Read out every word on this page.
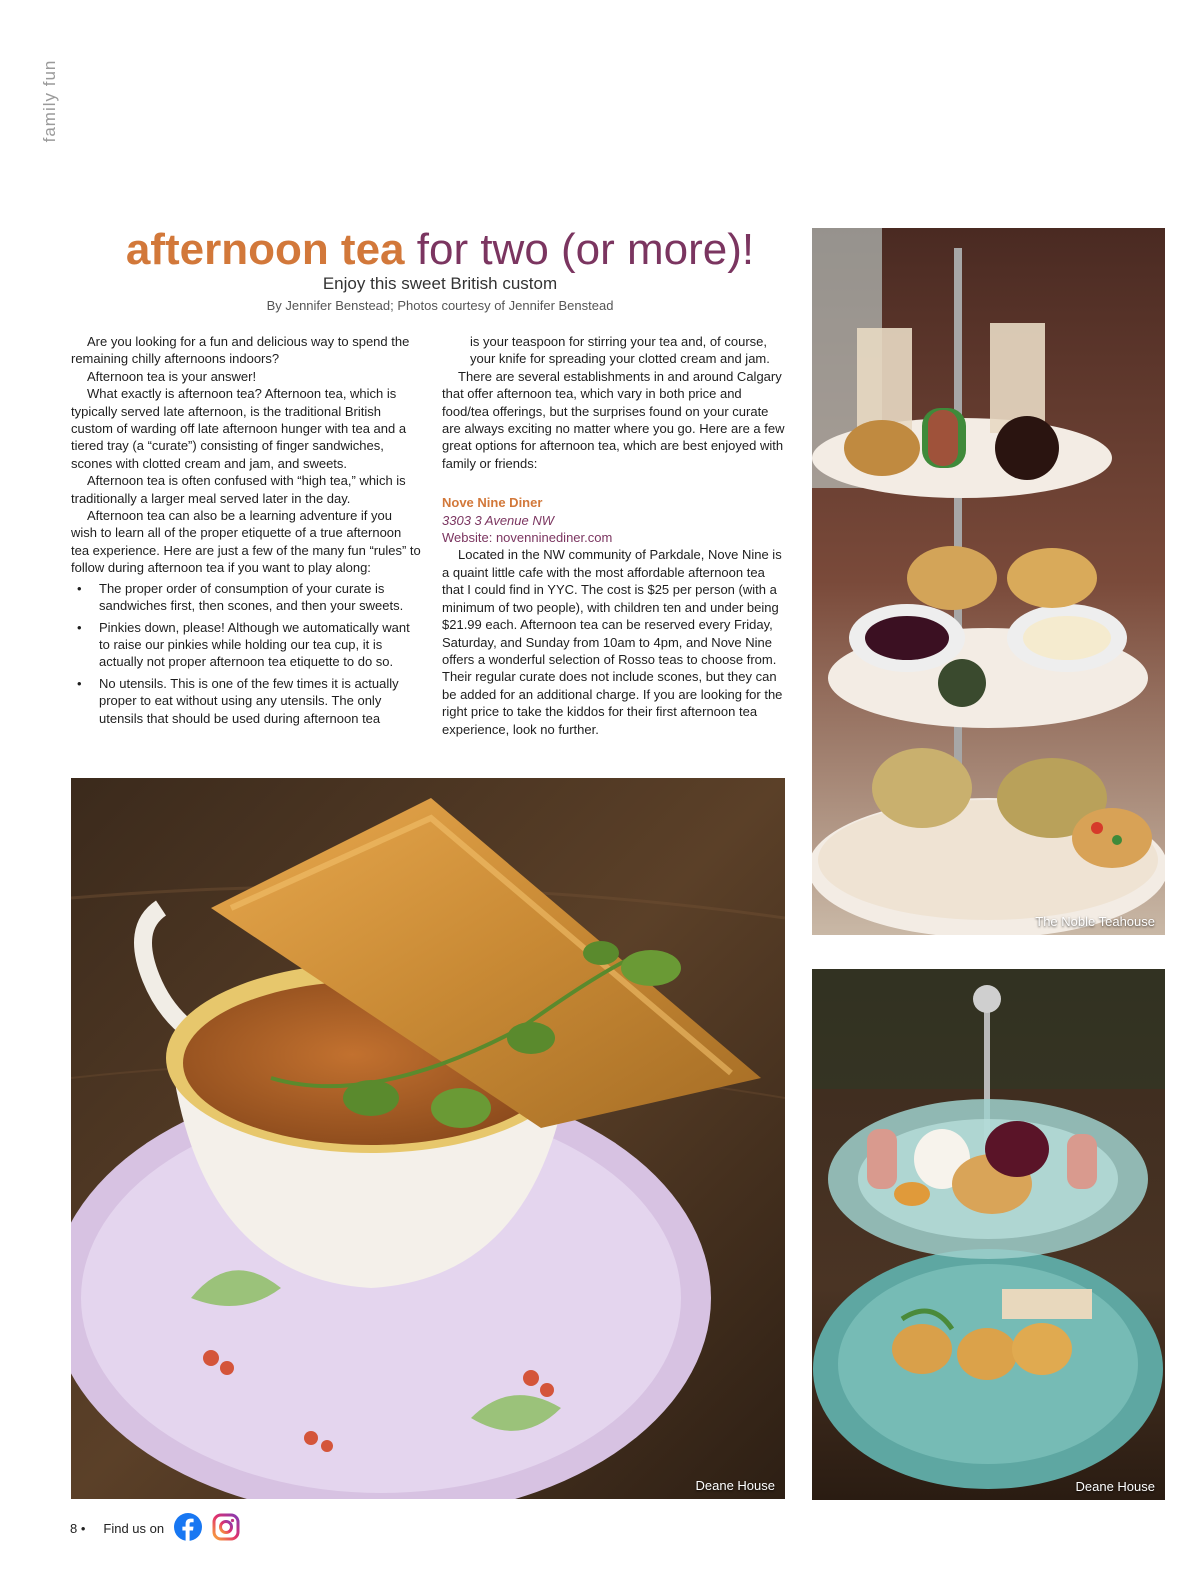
family fun
afternoon tea for two (or more)!
Enjoy this sweet British custom
By Jennifer Benstead; Photos courtesy of Jennifer Benstead

Are you looking for a fun and delicious way to spend the remaining chilly afternoons indoors?

Afternoon tea is your answer!

What exactly is afternoon tea? Afternoon tea, which is typically served late afternoon, is the traditional British custom of warding off late afternoon hunger with tea and a tiered tray (a “curate”) consisting of finger sandwiches, scones with clotted cream and jam, and sweets.

Afternoon tea is often confused with “high tea,” which is traditionally a larger meal served later in the day.

Afternoon tea can also be a learning adventure if you wish to learn all of the proper etiquette of a true afternoon tea experience. Here are just a few of the many fun “rules” to follow during afternoon tea if you want to play along:

• The proper order of consumption of your curate is sandwiches first, then scones, and then your sweets.
• Pinkies down, please! Although we automatically want to raise our pinkies while holding our tea cup, it is actually not proper afternoon tea etiquette to do so.
• No utensils. This is one of the few times it is actually proper to eat without using any utensils. The only utensils that should be used during afternoon tea

is your teaspoon for stirring your tea and, of course, your knife for spreading your clotted cream and jam.

There are several establishments in and around Calgary that offer afternoon tea, which vary in both price and food/tea offerings, but the surprises found on your curate are always exciting no matter where you go. Here are a few great options for afternoon tea, which are best enjoyed with family or friends:

Nove Nine Diner

3303 3 Avenue NW

Website: novenninediner.com

Located in the NW community of Parkdale, Nove Nine is a quaint little cafe with the most affordable afternoon tea that I could find in YYC. The cost is $25 per person (with a minimum of two people), with children ten and under being $21.99 each. Afternoon tea can be reserved every Friday, Saturday, and Sunday from 10am to 4pm, and Nove Nine offers a wonderful selection of Rosso teas to choose from. Their regular curate does not include scones, but they can be added for an additional charge. If you are looking for the right price to take the kiddos for their first afternoon tea experience, look no further.

Deane House
The Noble Teahouse
Deane House
8 • Find us on
